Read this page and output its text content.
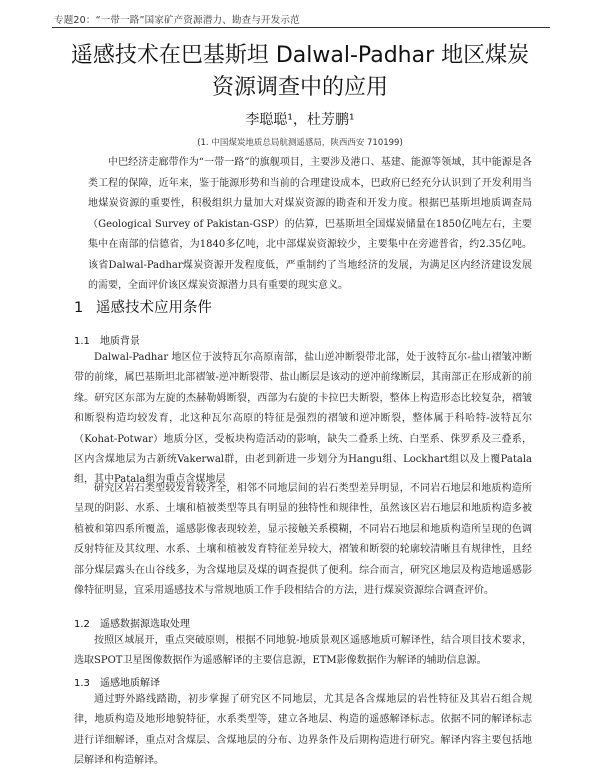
专题20：“一带一路”国家矿产资源潜力、勘查与开发示范
遥感技术在巴基斯坦 Dalwal-Padhar 地区煤炭
资源调查中的应用
李聪聪¹，杜芳鹏¹
(1. 中国煤炭地质总局航测遥感局，陕西西安 710199)

中巴经济走廊带作为“一带一路”的旗舰项目，主要涉及港口、基建、能源等领域，其中能源是各类工程的保障，近年来，鉴于能源形势和当前的合理建设成本，巴政府已经充分认识到了开发利用当地煤炭资源的重要性，积极组织力量加大对煤炭资源的勘查和开发力度。根据巴基斯坦地质调查局（Geological Survey of Pakistan-GSP）的估算，巴基斯坦全国煤炭储量在1850亿吨左右，主要集中在南部的信德省，为1840多亿吨，北中部煤炭资源较少，主要集中在旁遮普省，约2.35亿吨。该省Dalwal-Padhar煤炭资源开发程度低，严重制约了当地经济的发展，为满足区内经济建设发展的需要，全面评价该区煤炭资源潜力具有重要的现实意义。

1 遥感技术应用条件
1.1 地质背景

Dalwal-Padhar 地区位于波特瓦尔高原南部，盐山逆冲断裂带北部，处于波特瓦尔-盐山褶皱冲断带的前缘，属巴基斯坦北部褶皱-逆冲断裂带、盐山断层是该动的逆冲前缘断层，其南部正在形成新的前缘。研究区东部为左旋的杰赫勒姆断裂，西部为右旋的卡拉巴夫断裂，整体上构造形态比较复杂，褶皱和断裂构造均较发育，北这种瓦尔高原的特征是强烈的褶皱和逆冲断裂，整体属于科哈特-波特瓦尔（Kohat-Potwar）地质分区，受板块构造活动的影响，缺失二叠系上统、白垩系、侏罗系及三叠系，区内含煤地层为古新统Vakerwal群，由老到新进一步划分为Hangu组、Lockhart组以及上覆Patala组，其中Patala组为重点含煤地层

研究区岩石类型较发育较齐全，相邻不同地层间的岩石类型差异明显，不同岩石地层和地质构造所呈现的阴影、水系、土壤和植被类型等具有明显的独特性和规律性，虽然该区岩石地层和地质构造多被植被和第四系所覆盖，遥感影像表现较差，显示接触关系模糊，不同岩石地层和地质构造所呈现的色调反射特征及其纹理、水系、土壤和植被发育特征差异较大，褶皱和断裂的轮廓较清晰且有规律性，且经部分煤层露头在山谷线多，为含煤地层及煤的调查提供了便利。综合而言，研究区地层及构造地遥感影像特征明显，宜采用遥感技术与常规地质工作手段相结合的方法，进行煤炭资源综合调查评价。

1.2 遥感数据源选取处理

按照区域展开，重点突破原则，根据不同地貌-地质景观区遥感地质可解译性，结合项目技术要求，选取SPOT卫星图像数据作为遥感解译的主要信息源，ETM影像数据作为解译的辅助信息源。

1.3 遥感地质解译

通过野外路线踏勘，初步掌握了研究区不同地层，尤其是各含煤地层的岩性特征及其岩石组合规律，地质构造及地形地貌特征，水系类型等，建立各地层、构造的遥感解译标志。依据不同的解译标志进行详细解译，重点对含煤层、含煤地层的分布、边界条件及后期构造进行研究。解译内容主要包括地层解译和构造解译。
